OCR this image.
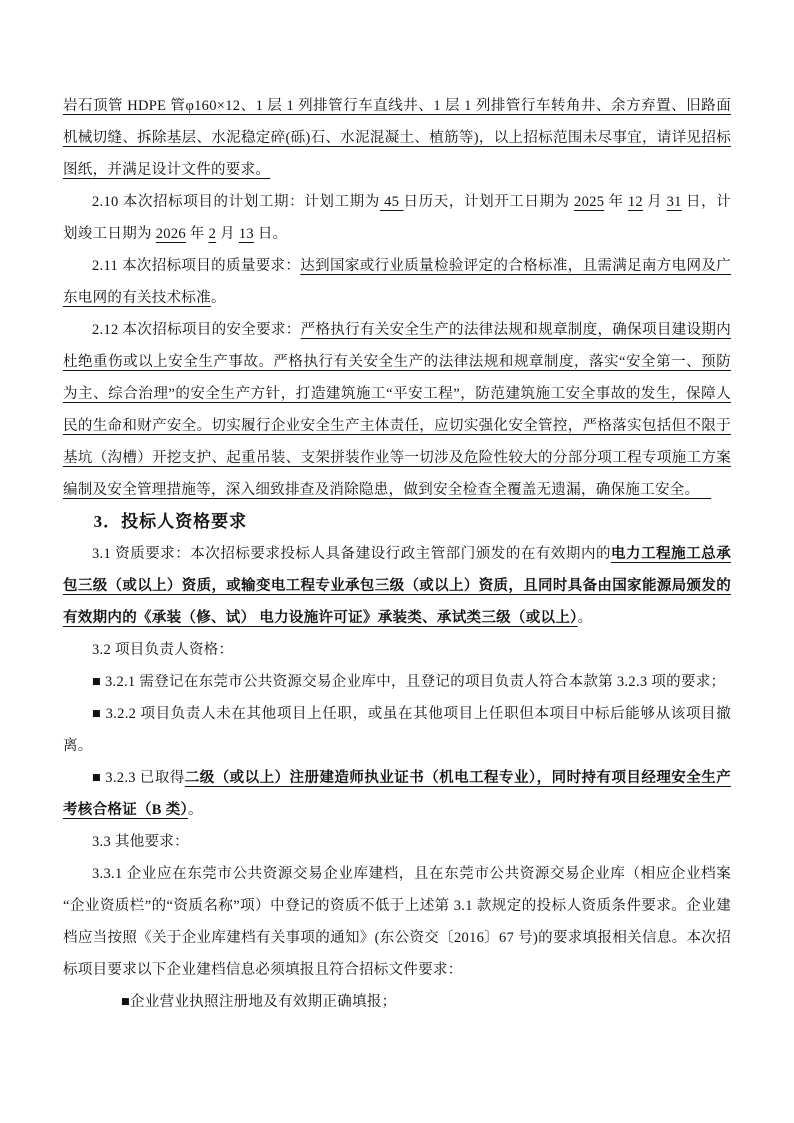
岩石顶管 HDPE 管φ160×12、1 层 1 列排管行车直线井、1 层 1 列排管行车转角井、余方弃置、旧路面机械切缝、拆除基层、水泥稳定碎(砾)石、水泥混凝土、植筋等)，以上招标范围未尽事宜，请详见招标图纸，并满足设计文件的要求。

2.10 本次招标项目的计划工期：计划工期为 45 日历天，计划开工日期为 2025 年 12 月 31 日，计划竣工日期为 2026 年 2 月 13 日。

2.11 本次招标项目的质量要求：达到国家或行业质量检验评定的合格标准，且需满足南方电网及广东电网的有关技术标准。

2.12 本次招标项目的安全要求：严格执行有关安全生产的法律法规和规章制度，确保项目建设期内杜绝重伤或以上安全生产事故。严格执行有关安全生产的法律法规和规章制度，落实“安全第一、预防为主、综合治理”的安全生产方针，打造建筑施工“平安工程”，防范建筑施工安全事故的发生，保障人民的生命和财产安全。切实履行企业安全生产主体责任，应切实强化安全管控，严格落实包括但不限于基坑（沟槽）开挖支护、起重吊装、支架拼装作业等一切涉及危险性较大的分部分项工程专项施工方案编制及安全管理措施等，深入细致排查及消除隐患，做到安全检查全覆盖无遗漏，确保施工安全。

3．投标人资格要求

3.1 资质要求：本次招标要求投标人具备建设行政主管部门颁发的在有效期内的电力工程施工总承包三级（或以上）资质，或输变电工程专业承包三级（或以上）资质，且同时具备由国家能源局颁发的有效期内的《承装（修、试） 电力设施许可证》承装类、承试类三级（或以上）。

3.2 项目负责人资格：

■ 3.2.1 需登记在东莞市公共资源交易企业库中，且登记的项目负责人符合本款第 3.2.3 项的要求；

■ 3.2.2 项目负责人未在其他项目上任职，或虽在其他项目上任职但本项目中标后能够从该项目撤离。

■ 3.2.3 已取得二级（或以上）注册建造师执业证书（机电工程专业），同时持有项目经理安全生产考核合格证（B 类）。

3.3 其他要求：

3.3.1 企业应在东莞市公共资源交易企业库建档，且在东莞市公共资源交易企业库（相应企业档案“企业资质栏”的“资质名称”项）中登记的资质不低于上述第 3.1 款规定的投标人资质条件要求。企业建档应当按照《关于企业库建档有关事项的通知》(东公资交〔2016〕67 号)的要求填报相关信息。本次招标项目要求以下企业建档信息必须填报且符合招标文件要求：

■企业营业执照注册地及有效期正确填报；
